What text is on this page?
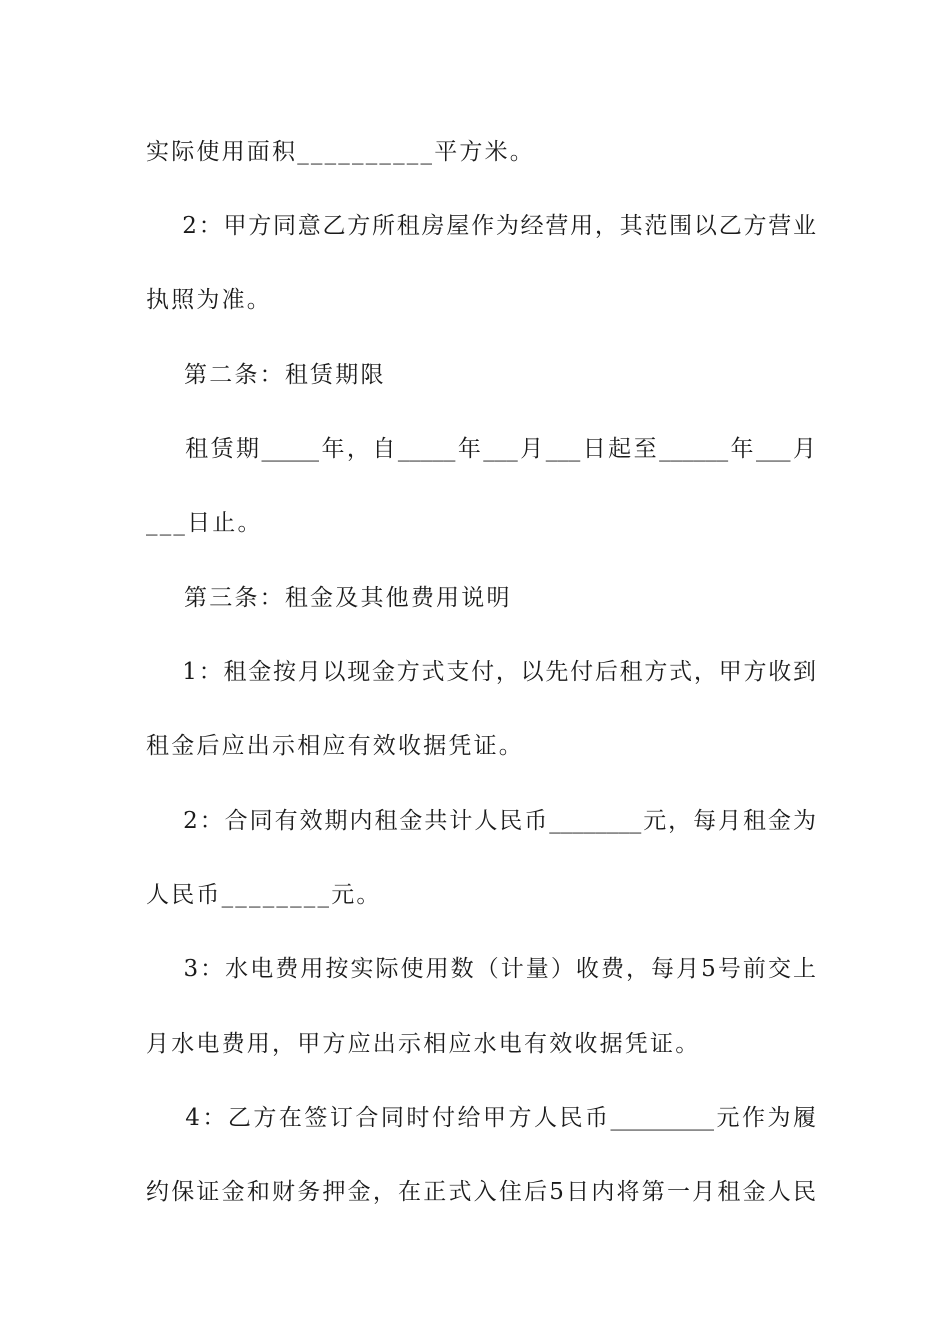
实际使用面积__________平方米。
2：甲方同意乙方所租房屋作为经营用，其范围以乙方营业
执照为准。
第二条：租赁期限
租赁期_____年，自_____年___月___日起至______年___月
___日止。
第三条：租金及其他费用说明
1：租金按月以现金方式支付，以先付后租方式，甲方收到
租金后应出示相应有效收据凭证。
2：合同有效期内租金共计人民币________元，每月租金为
人民币________元。
3：水电费用按实际使用数（计量）收费，每月5号前交上
月水电费用，甲方应出示相应水电有效收据凭证。
4：乙方在签订合同时付给甲方人民币_________元作为履
约保证金和财务押金，在正式入住后5日内将第一月租金人民
